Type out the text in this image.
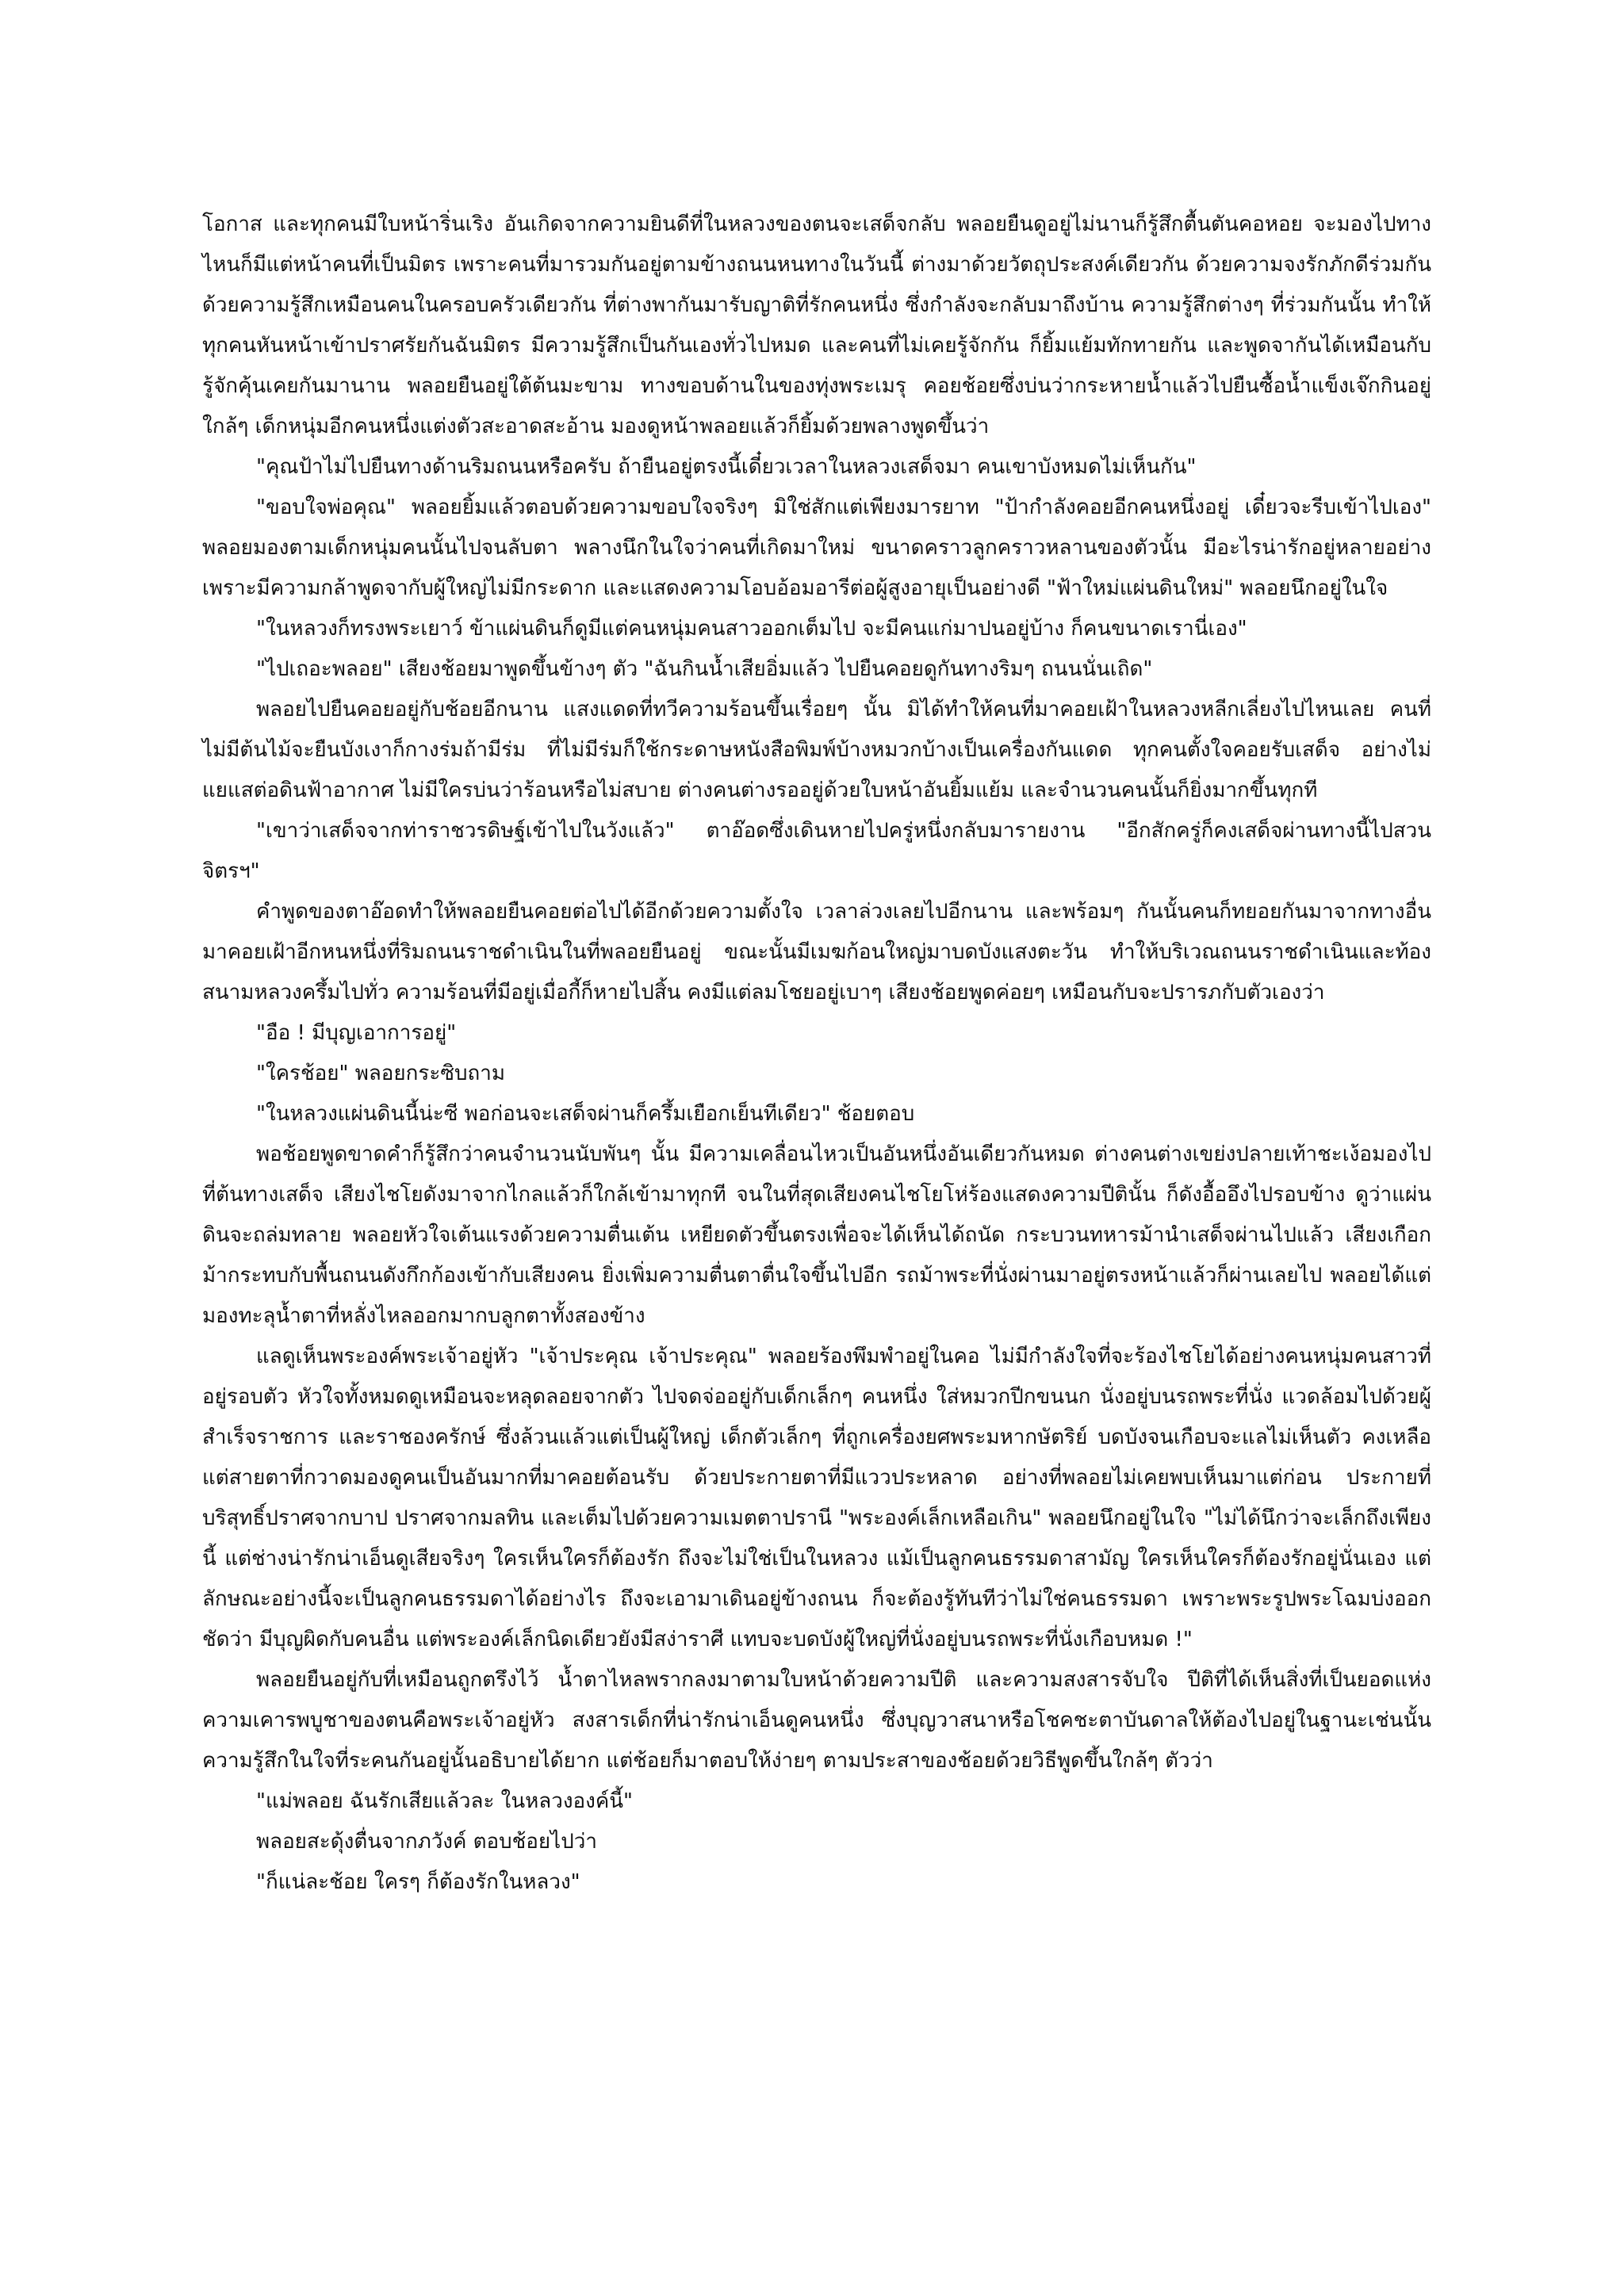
โอกาส และทุกคนมีใบหน้าริ่นเริง อันเกิดจากความยินดีที่ในหลวงของตนจะเสด็จกลับ พลอยยืนดูอยู่ไม่นานก็รู้สึกตื้นตันคอหอย จะมองไปทางไหนก็มีแต่หน้าคนที่เป็นมิตร เพราะคนที่มารวมกันอยู่ตามข้างถนนหนทางในวันนี้ ต่างมาด้วยวัตถุประสงค์เดียวกัน ด้วยความจงรักภักดีร่วมกัน ด้วยความรู้สึกเหมือนคนในครอบครัวเดียวกัน ที่ต่างพากันมารับญาติที่รักคนหนึ่ง ซึ่งกำลังจะกลับมาถึงบ้าน ความรู้สึกต่างๆ ที่ร่วมกันนั้น ทำให้ทุกคนหันหน้าเข้าปราศรัยกันฉันมิตร มีความรู้สึกเป็นกันเองทั่วไปหมด และคนที่ไม่เคยรู้จักกัน ก็ยิ้มแย้มทักทายกัน และพูดจากันได้เหมือนกับรู้จักคุ้นเคยกันมานาน พลอยยืนอยู่ใต้ต้นมะขาม ทางขอบด้านในของทุ่งพระเมรุ คอยช้อยซึ่งบ่นว่ากระหายน้ำแล้วไปยืนซื้อน้ำแข็งเจ๊กกินอยู่ใกล้ๆ เด็กหนุ่มอีกคนหนึ่งแต่งตัวสะอาดสะอ้าน มองดูหน้าพลอยแล้วก็ยิ้มด้วยพลางพูดขึ้นว่า

"คุณป้าไม่ไปยืนทางด้านริมถนนหรือครับ ถ้ายืนอยู่ตรงนี้เดี๋ยวเวลาในหลวงเสด็จมา คนเขาบังหมดไม่เห็นกัน"

"ขอบใจพ่อคุณ" พลอยยิ้มแล้วตอบด้วยความขอบใจจริงๆ มิใช่สักแต่เพียงมารยาท "ป้ากำลังคอยอีกคนหนึ่งอยู่ เดี๋ยวจะรีบเข้าไปเอง" พลอยมองตามเด็กหนุ่มคนนั้นไปจนลับตา พลางนึกในใจว่าคนที่เกิดมาใหม่ ขนาดคราวลูกคราวหลานของตัวนั้น มีอะไรน่ารักอยู่หลายอย่าง เพราะมีความกล้าพูดจากับผู้ใหญ่ไม่มีกระดาก และแสดงความโอบอ้อมอารีต่อผู้สูงอายุเป็นอย่างดี "ฟ้าใหม่แผ่นดินใหม่" พลอยนึกอยู่ในใจ

"ในหลวงก็ทรงพระเยาว์ ข้าแผ่นดินก็ดูมีแต่คนหนุ่มคนสาวออกเต็มไป จะมีคนแก่มาปนอยู่บ้าง ก็คนขนาดเรานี่เอง"

"ไปเถอะพลอย" เสียงช้อยมาพูดขึ้นข้างๆ ตัว "ฉันกินน้ำเสียอิ่มแล้ว ไปยืนคอยดูกันทางริมๆ ถนนนั่นเถิด"

พลอยไปยืนคอยอยู่กับช้อยอีกนาน แสงแดดที่ทวีความร้อนขึ้นเรื่อยๆ นั้น มิได้ทำให้คนที่มาคอยเฝ้าในหลวงหลีกเลี่ยงไปไหนเลย คนที่ไม่มีต้นไม้จะยืนบังเงาก็กางร่มถ้ามีร่ม ที่ไม่มีร่มก็ใช้กระดาษหนังสือพิมพ์บ้างหมวกบ้างเป็นเครื่องกันแดด ทุกคนตั้งใจคอยรับเสด็จ อย่างไม่แยแสต่อดินฟ้าอากาศ ไม่มีใครบ่นว่าร้อนหรือไม่สบาย ต่างคนต่างรออยู่ด้วยใบหน้าอันยิ้มแย้ม และจำนวนคนนั้นก็ยิ่งมากขึ้นทุกที

"เขาว่าเสด็จจากท่าราชวรดิษฐ์เข้าไปในวังแล้ว" ตาอ๊อดซึ่งเดินหายไปครู่หนึ่งกลับมารายงาน "อีกสักครู่ก็คงเสด็จผ่านทางนี้ไปสวนจิตรฯ"

คำพูดของตาอ๊อดทำให้พลอยยืนคอยต่อไปได้อีกด้วยความตั้งใจ เวลาล่วงเลยไปอีกนาน และพร้อมๆ กันนั้นคนก็ทยอยกันมาจากทางอื่น มาคอยเฝ้าอีกหนหนึ่งที่ริมถนนราชดำเนินในที่พลอยยืนอยู่ ขณะนั้นมีเมฆก้อนใหญ่มาบดบังแสงตะวัน ทำให้บริเวณถนนราชดำเนินและท้องสนามหลวงครึ้มไปทั่ว ความร้อนที่มีอยู่เมื่อกี้ก็หายไปสิ้น คงมีแต่ลมโชยอยู่เบาๆ เสียงช้อยพูดค่อยๆ เหมือนกับจะปรารภกับตัวเองว่า

"อือ ! มีบุญเอาการอยู่"

"ใครช้อย" พลอยกระซิบถาม

"ในหลวงแผ่นดินนี้น่ะซี พอก่อนจะเสด็จผ่านก็ครึ้มเยือกเย็นทีเดียว" ช้อยตอบ

พอช้อยพูดขาดคำก็รู้สึกว่าคนจำนวนนับพันๆ นั้น มีความเคลื่อนไหวเป็นอันหนึ่งอันเดียวกันหมด ต่างคนต่างเขย่งปลายเท้าชะเง้อมองไปที่ต้นทางเสด็จ เสียงไชโยดังมาจากไกลแล้วก็ใกล้เข้ามาทุกที จนในที่สุดเสียงคนไชโยโห่ร้องแสดงความปีตินั้น ก็ดังอื้ออึงไปรอบข้าง ดูว่าแผ่นดินจะถล่มทลาย พลอยหัวใจเต้นแรงด้วยความตื่นเต้น เหยียดตัวขึ้นตรงเพื่อจะได้เห็นได้ถนัด กระบวนทหารม้านำเสด็จผ่านไปแล้ว เสียงเกือกม้ากระทบกับพื้นถนนดังกึกก้องเข้ากับเสียงคน ยิ่งเพิ่มความตื่นตาตื่นใจขึ้นไปอีก รถม้าพระที่นั่งผ่านมาอยู่ตรงหน้าแล้วก็ผ่านเลยไป พลอยได้แต่มองทะลุน้ำตาที่หลั่งไหลออกมากบลูกตาทั้งสองข้าง

แลดูเห็นพระองค์พระเจ้าอยู่หัว "เจ้าประคุณ เจ้าประคุณ" พลอยร้องพึมพำอยู่ในคอ ไม่มีกำลังใจที่จะร้องไชโยได้อย่างคนหนุ่มคนสาวที่อยู่รอบตัว หัวใจทั้งหมดดูเหมือนจะหลุดลอยจากตัว ไปจดจ่ออยู่กับเด็กเล็กๆ คนหนึ่ง ใส่หมวกปีกขนนก นั่งอยู่บนรถพระที่นั่ง แวดล้อมไปด้วยผู้สำเร็จราชการ และราชองครักษ์ ซึ่งล้วนแล้วแต่เป็นผู้ใหญ่ เด็กตัวเล็กๆ ที่ถูกเครื่องยศพระมหากษัตริย์ บดบังจนเกือบจะแลไม่เห็นตัว คงเหลือแต่สายตาที่กวาดมองดูคนเป็นอันมากที่มาคอยต้อนรับ ด้วยประกายตาที่มีแววประหลาด อย่างที่พลอยไม่เคยพบเห็นมาแต่ก่อน ประกายที่บริสุทธิ์ปราศจากบาป ปราศจากมลทิน และเต็มไปด้วยความเมตตาปรานี "พระองค์เล็กเหลือเกิน" พลอยนึกอยู่ในใจ "ไม่ได้นึกว่าจะเล็กถึงเพียงนี้ แต่ช่างน่ารักน่าเอ็นดูเสียจริงๆ ใครเห็นใครก็ต้องรัก ถึงจะไม่ใช่เป็นในหลวง แม้เป็นลูกคนธรรมดาสามัญ ใครเห็นใครก็ต้องรักอยู่นั่นเอง แต่ลักษณะอย่างนี้จะเป็นลูกคนธรรมดาได้อย่างไร ถึงจะเอามาเดินอยู่ข้างถนน ก็จะต้องรู้ทันทีว่าไม่ใช่คนธรรมดา เพราะพระรูปพระโฉมบ่งออกชัดว่า มีบุญผิดกับคนอื่น แต่พระองค์เล็กนิดเดียวยังมีสง่าราศี แทบจะบดบังผู้ใหญ่ที่นั่งอยู่บนรถพระที่นั่งเกือบหมด !"

พลอยยืนอยู่กับที่เหมือนถูกตรึงไว้ น้ำตาไหลพรากลงมาตามใบหน้าด้วยความปีติ และความสงสารจับใจ ปีติที่ได้เห็นสิ่งที่เป็นยอดแห่งความเคารพบูชาของตนคือพระเจ้าอยู่หัว สงสารเด็กที่น่ารักน่าเอ็นดูคนหนึ่ง ซึ่งบุญวาสนาหรือโชคชะตาบันดาลให้ต้องไปอยู่ในฐานะเช่นนั้น ความรู้สึกในใจที่ระคนกันอยู่นั้นอธิบายได้ยาก แต่ช้อยก็มาตอบให้ง่ายๆ ตามประสาของช้อยด้วยวิธีพูดขึ้นใกล้ๆ ตัวว่า

"แม่พลอย ฉันรักเสียแล้วละ ในหลวงองค์นี้"

พลอยสะดุ้งตื่นจากภวังค์ ตอบช้อยไปว่า

"ก็แน่ละช้อย ใครๆ ก็ต้องรักในหลวง"
